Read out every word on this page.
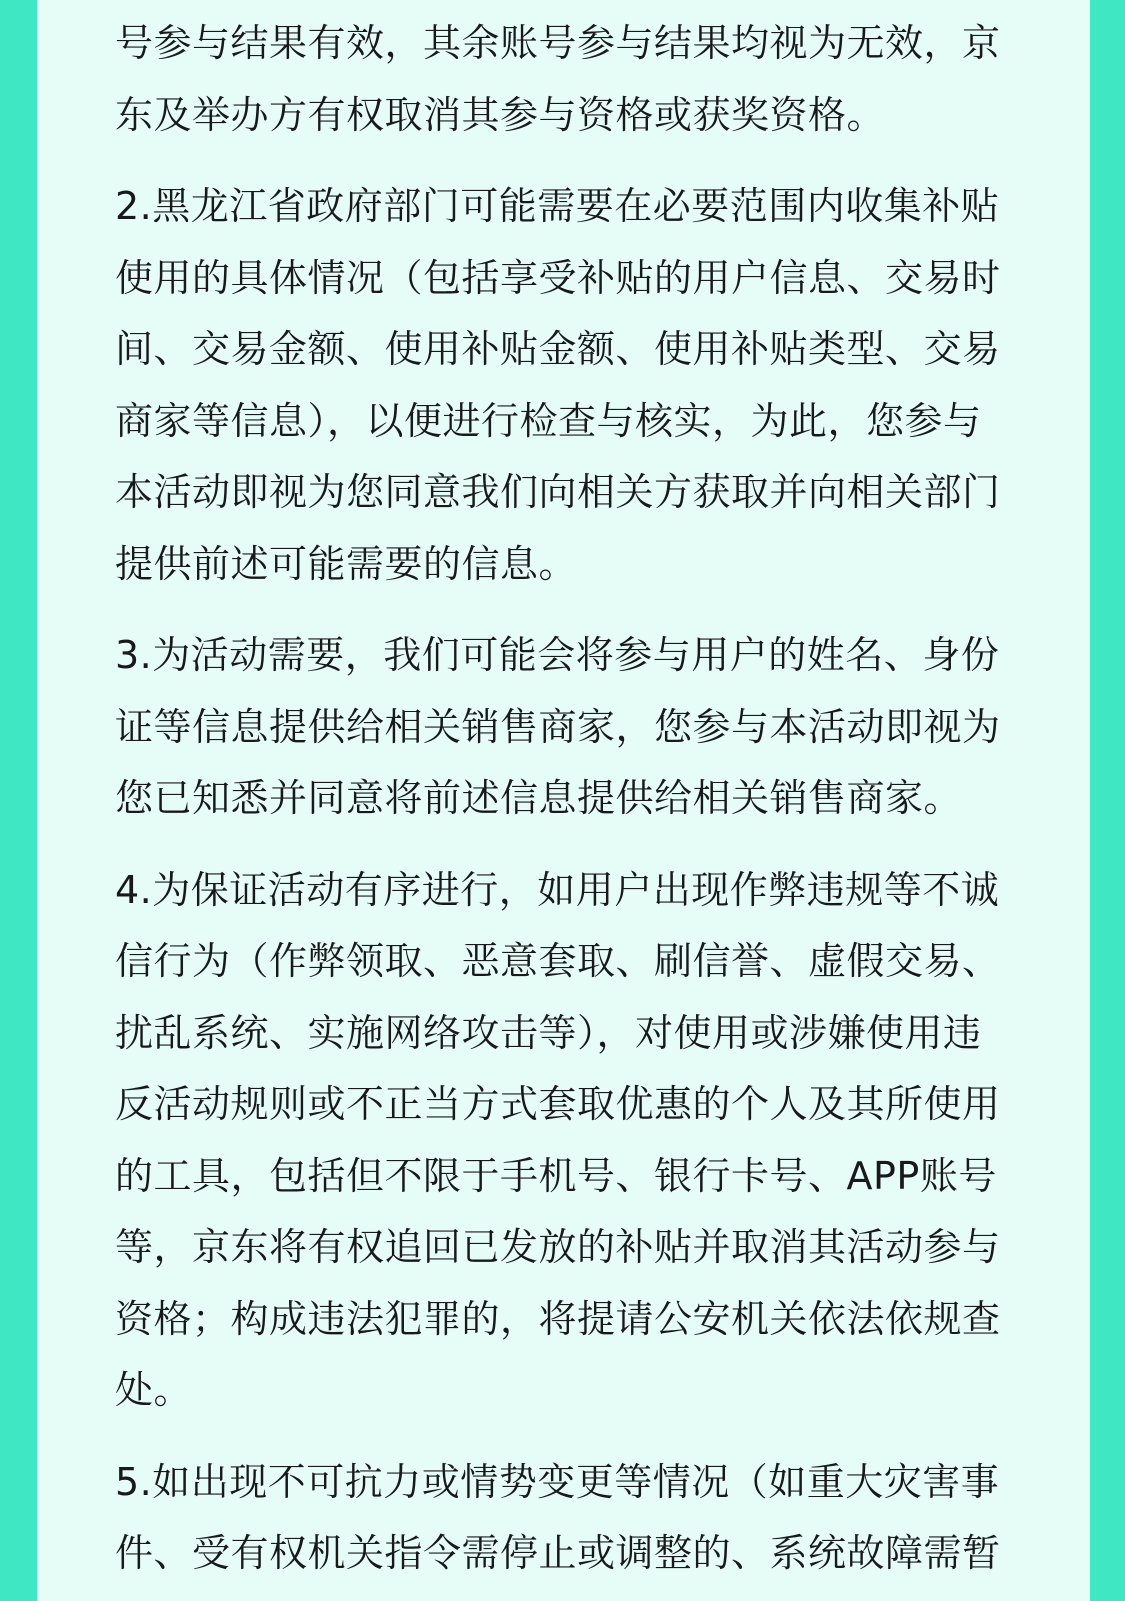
号参与结果有效，其余账号参与结果均视为无效，京东及举办方有权取消其参与资格或获奖资格。

2.黑龙江省政府部门可能需要在必要范围内收集补贴使用的具体情况（包括享受补贴的用户信息、交易时间、交易金额、使用补贴金额、使用补贴类型、交易商家等信息），以便进行检查与核实，为此，您参与本活动即视为您同意我们向相关方获取并向相关部门提供前述可能需要的信息。

3.为活动需要，我们可能会将参与用户的姓名、身份证等信息提供给相关销售商家，您参与本活动即视为您已知悉并同意将前述信息提供给相关销售商家。

4.为保证活动有序进行，如用户出现作弊违规等不诚信行为（作弊领取、恶意套取、刷信誉、虚假交易、扰乱系统、实施网络攻击等），对使用或涉嫌使用违反活动规则或不正当方式套取优惠的个人及其所使用的工具，包括但不限于手机号、银行卡号、APP账号等，京东将有权追回已发放的补贴并取消其活动参与资格；构成违法犯罪的，将提请公安机关依法依规查处。

5.如出现不可抗力或情势变更等情况（如重大灾害事件、受有权机关指令需停止或调整的、系统故障需暂
